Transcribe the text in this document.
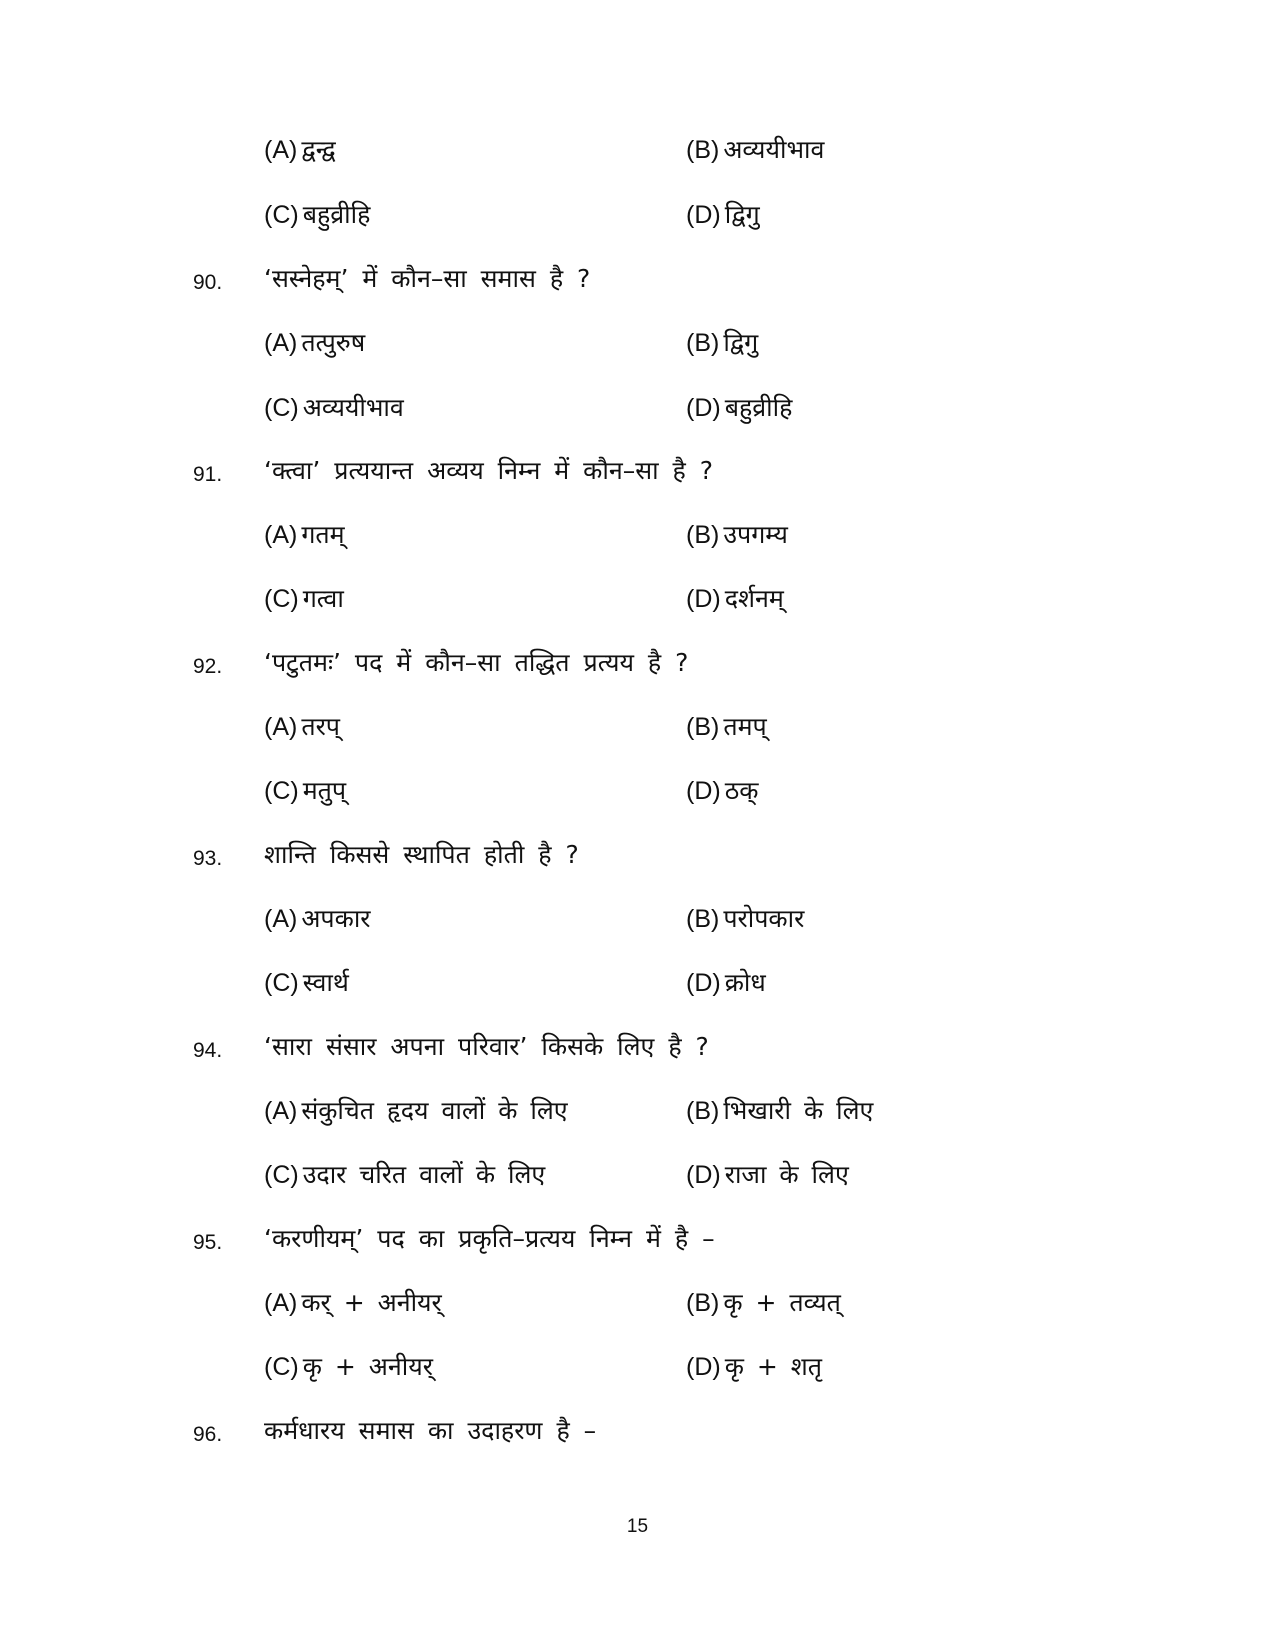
(A) द्वन्द्व	(B) अव्ययीभाव
(C) बहुव्रीहि	(D) द्विगु
90. ‘सस्नेहम्’ में कौन–सा समास है ?
(A) तत्पुरुष	(B) द्विगु
(C) अव्ययीभाव	(D) बहुव्रीहि
91. ‘क्त्वा’ प्रत्ययान्त अव्यय निम्न में कौन–सा है ?
(A) गतम्	(B) उपगम्य
(C) गत्वा	(D) दर्शनम्
92. ‘पटुतमः’ पद में कौन–सा तद्धित प्रत्यय है ?
(A) तरप्	(B) तमप्
(C) मतुप्	(D) ठक्
93. शान्ति किससे स्थापित होती है ?
(A) अपकार	(B) परोपकार
(C) स्वार्थ	(D) क्रोध
94. ‘सारा संसार अपना परिवार’ किसके लिए है ?
(A) संकुचित हृदय वालों के लिए	(B) भिखारी के लिए
(C) उदार चरित वालों के लिए	(D) राजा के लिए
95. ‘करणीयम्’ पद का प्रकृति–प्रत्यय निम्न में है –
(A) कर् + अनीयर्	(B) कृ + तव्यत्
(C) कृ + अनीयर्	(D) कृ + शतृ
96. कर्मधारय समास का उदाहरण है –
15
